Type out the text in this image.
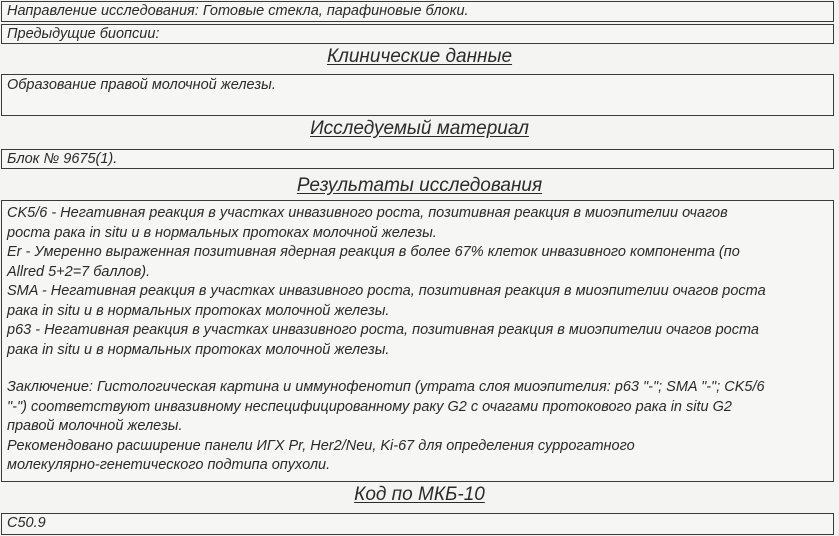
Направление исследования: Готовые стекла, парафиновые блоки.
Предыдущие биопсии:
Клинические данные
Образование правой молочной железы.
Исследуемый материал
Блок № 9675(1).
Результаты исследования
CK5/6 - Негативная реакция в участках инвазивного роста, позитивная реакция в миоэпителии очагов
роста рака in situ и в нормальных протоках молочной железы.
Er - Умеренно выраженная позитивная ядерная реакция в более 67% клеток инвазивного компонента (по
Allred 5+2=7 баллов).
SMA - Негативная реакция в участках инвазивного роста, позитивная реакция в миоэпителии очагов роста
рака in situ и в нормальных протоках молочной железы.
p63 - Негативная реакция в участках инвазивного роста, позитивная реакция в миоэпителии очагов роста
рака in situ и в нормальных протоках молочной железы.
Заключение: Гистологическая картина и иммунофенотип (утрата слоя миоэпителия: p63 "-"; SMA "-"; CK5/6
"-") соответствуют инвазивному неспецифицированному раку G2 с очагами протокового рака in situ G2
правой молочной железы.
Рекомендовано расширение панели ИГХ Pr, Her2/Neu, Ki-67 для определения суррогатного
молекулярно-генетического подтипа опухоли.
Код по МКБ-10
C50.9
